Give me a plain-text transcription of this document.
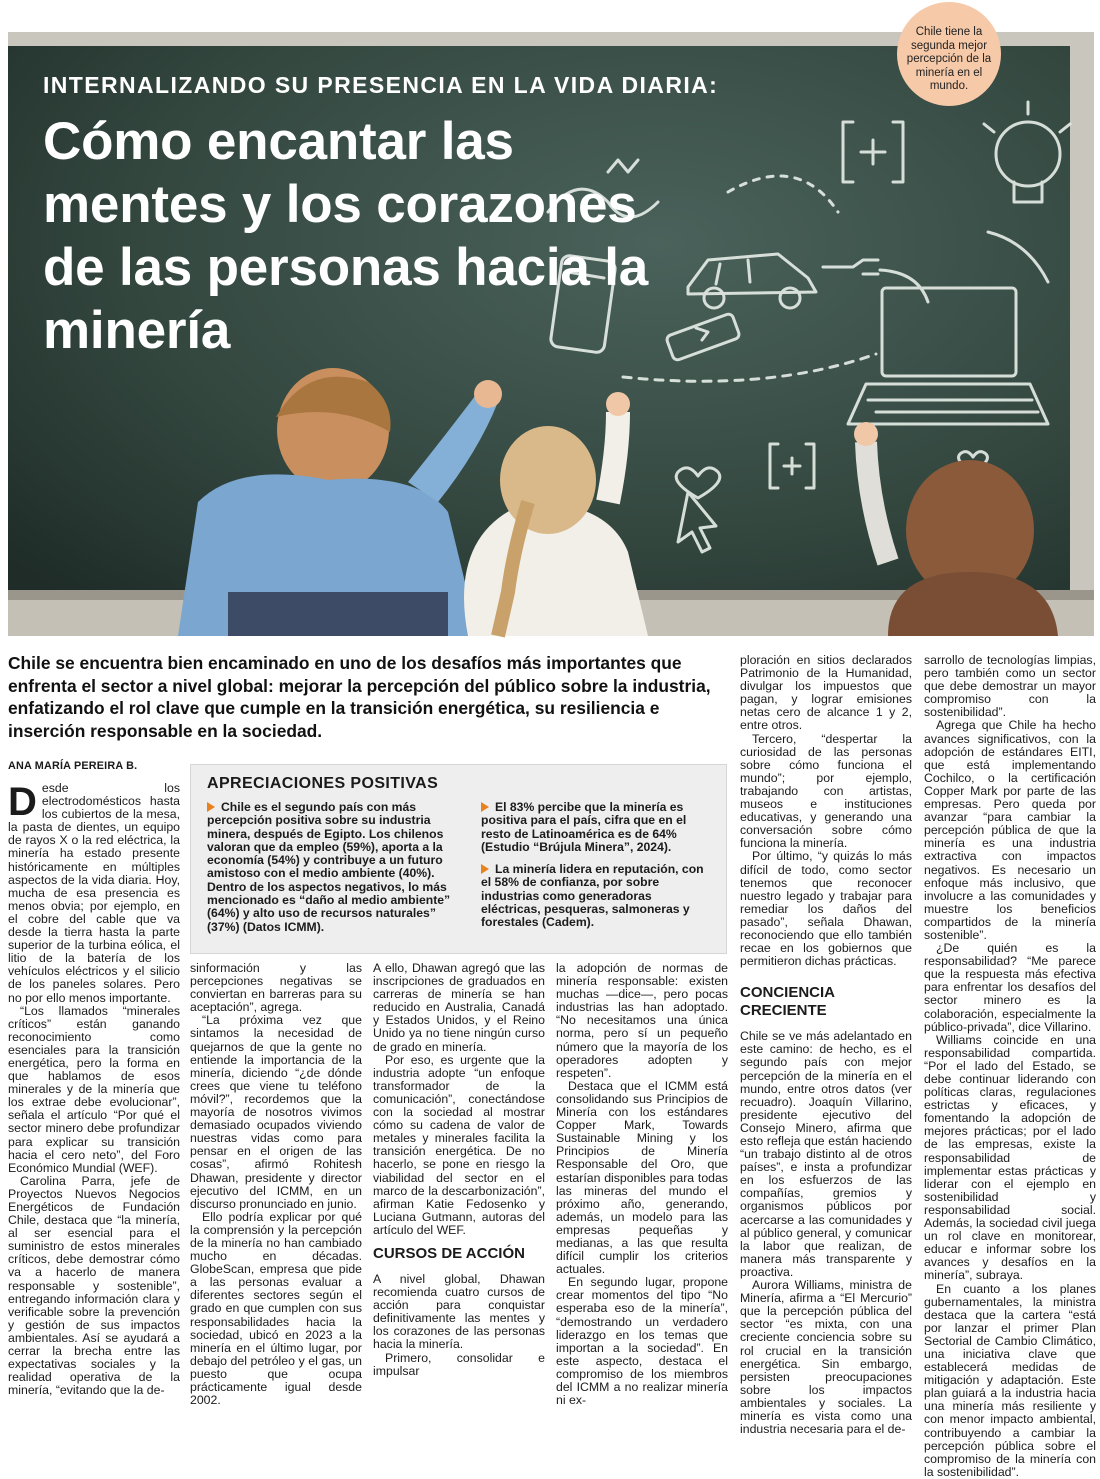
INTERNALIZANDO SU PRESENCIA EN LA VIDA DIARIA:
Cómo encantar las mentes y los corazones de las personas hacia la minería
Chile tiene la segunda mejor percepción de la minería en el mundo.
Chile se encuentra bien encaminado en uno de los desafíos más importantes que enfrenta el sector a nivel global: mejorar la percepción del público sobre la industria, enfatizando el rol clave que cumple en la transición energética, su resiliencia e inserción responsable en la sociedad.
ANA MARÍA PEREIRA B.
APRECIACIONES POSITIVAS
Chile es el segundo país con más percepción positiva sobre su industria minera, después de Egipto. Los chilenos valoran que da empleo (59%), aporta a la economía (54%) y contribuye a un futuro amistoso con el medio ambiente (40%). Dentro de los aspectos negativos, lo más mencionado es “daño al medio ambiente” (64%) y alto uso de recursos naturales” (37%) (Datos ICMM).
El 83% percibe que la minería es positiva para el país, cifra que en el resto de Latinoamérica es de 64% (Estudio “Brújula Minera”, 2024).
La minería lidera en reputación, con el 58% de confianza, por sobre industrias como generadoras eléctricas, pesqueras, salmoneras y forestales (Cadem).

Desde los electrodomésticos hasta los cubiertos de la mesa, la pasta de dientes, un equipo de rayos X o la red eléctrica, la minería ha estado presente históricamente en múltiples aspectos de la vida diaria. Hoy, mucha de esa presencia es menos obvia; por ejemplo, en el cobre del cable que va desde la tierra hasta la parte superior de la turbina eólica, el litio de la batería de los vehículos eléctricos y el silicio de los paneles solares. Pero no por ello menos importante.

“Los llamados “minerales críticos” están ganando reconocimiento como esenciales para la transición energética, pero la forma en que hablamos de esos minerales y de la minería que los extrae debe evolucionar”, señala el artículo “Por qué el sector minero debe profundizar para explicar su transición hacia el cero neto”, del Foro Económico Mundial (WEF).

Carolina Parra, jefe de Proyectos Nuevos Negocios Energéticos de Fundación Chile, destaca que “la minería, al ser esencial para el suministro de estos minerales críticos, debe demostrar cómo va a hacerlo de manera responsable y sostenible”, entregando información clara y verificable sobre la prevención y gestión de sus impactos ambientales. Así se ayudará a cerrar la brecha entre las expectativas sociales y la realidad operativa de la minería, “evitando que la de-

sinformación y las percepciones negativas se conviertan en barreras para su aceptación”, agrega.

“La próxima vez que sintamos la necesidad de quejarnos de que la gente no entiende la importancia de la minería, diciendo “¿de dónde crees que viene tu teléfono móvil?”, recordemos que la mayoría de nosotros vivimos demasiado ocupados viviendo nuestras vidas como para pensar en el origen de las cosas”, afirmó Rohitesh Dhawan, presidente y director ejecutivo del ICMM, en un discurso pronunciado en junio.

Ello podría explicar por qué la comprensión y la percepción de la minería no han cambiado mucho en décadas. GlobeScan, empresa que pide a las personas evaluar a diferentes sectores según el grado en que cumplen con sus responsabilidades hacia la sociedad, ubicó en 2023 a la minería en el último lugar, por debajo del petróleo y el gas, un puesto que ocupa prácticamente igual desde 2002.

A ello, Dhawan agregó que las inscripciones de graduados en carreras de minería se han reducido en Australia, Canadá y Estados Unidos, y el Reino Unido ya no tiene ningún curso de grado en minería.

Por eso, es urgente que la industria adopte “un enfoque transformador de la comunicación”, conectándose con la sociedad al mostrar cómo su cadena de valor de metales y minerales facilita la transición energética. De no hacerlo, se pone en riesgo la viabilidad del sector en el marco de la descarbonización”, afirman Katie Fedosenko y Luciana Gutmann, autoras del artículo del WEF.

CURSOS DE ACCIÓN

A nivel global, Dhawan recomienda cuatro cursos de acción para conquistar definitivamente las mentes y los corazones de las personas hacia la minería.

Primero, consolidar e impulsar

la adopción de normas de minería responsable: existen muchas —dice—, pero pocas industrias las han adoptado. “No necesitamos una única norma, pero sí un pequeño número que la mayoría de los operadores adopten y respeten”.

Destaca que el ICMM está consolidando sus Principios de Minería con los estándares Copper Mark, Towards Sustainable Mining y los Principios de Minería Responsable del Oro, que estarían disponibles para todas las mineras del mundo el próximo año, generando, además, un modelo para las empresas pequeñas y medianas, a las que resulta difícil cumplir los criterios actuales.

En segundo lugar, propone crear momentos del tipo “No esperaba eso de la minería”, “demostrando un verdadero liderazgo en los temas que importan a la sociedad”. En este aspecto, destaca el compromiso de los miembros del ICMM a no realizar minería ni ex-

ploración en sitios declarados Patrimonio de la Humanidad, divulgar los impuestos que pagan, y lograr emisiones netas cero de alcance 1 y 2, entre otros.

Tercero, “despertar la curiosidad de las personas sobre cómo funciona el mundo”; por ejemplo, trabajando con artistas, museos e instituciones educativas, y generando una conversación sobre cómo funciona la minería.

Por último, “y quizás lo más difícil de todo, como sector tenemos que reconocer nuestro legado y trabajar para remediar los daños del pasado”, señala Dhawan, reconociendo que ello también recae en los gobiernos que permitieron dichas prácticas.

CONCIENCIA CRECIENTE

Chile se ve más adelantado en este camino: de hecho, es el segundo país con mejor percepción de la minería en el mundo, entre otros datos (ver recuadro). Joaquín Villarino, presidente ejecutivo del Consejo Minero, afirma que esto refleja que están haciendo “un trabajo distinto al de otros países”, e insta a profundizar en los esfuerzos de las compañías, gremios y organismos públicos por acercarse a las comunidades y al público general, y comunicar la labor que realizan, de manera más transparente y proactiva.

Aurora Williams, ministra de Minería, afirma a “El Mercurio” que la percepción pública del sector “es mixta, con una creciente conciencia sobre su rol crucial en la transición energética. Sin embargo, persisten preocupaciones sobre los impactos ambientales y sociales. La minería es vista como una industria necesaria para el de-

sarrollo de tecnologías limpias, pero también como un sector que debe demostrar un mayor compromiso con la sostenibilidad”.

Agrega que Chile ha hecho avances significativos, con la adopción de estándares EITI, que está implementando Cochilco, o la certificación Copper Mark por parte de las empresas. Pero queda por avanzar “para cambiar la percepción pública de que la minería es una industria extractiva con impactos negativos. Es necesario un enfoque más inclusivo, que involucre a las comunidades y muestre los beneficios compartidos de la minería sostenible”.

¿De quién es la responsabilidad? “Me parece que la respuesta más efectiva para enfrentar los desafíos del sector minero es la colaboración, especialmente la público-privada”, dice Villarino.

Williams coincide en una responsabilidad compartida. “Por el lado del Estado, se debe continuar liderando con políticas claras, regulaciones estrictas y eficaces, y fomentando la adopción de mejores prácticas; por el lado de las empresas, existe la responsabilidad de implementar estas prácticas y liderar con el ejemplo en sostenibilidad y responsabilidad social. Además, la sociedad civil juega un rol clave en monitorear, educar e informar sobre los avances y desafíos en la minería”, subraya.

En cuanto a los planes gubernamentales, la ministra destaca que la cartera “está por lanzar el primer Plan Sectorial de Cambio Climático, una iniciativa clave que establecerá medidas de mitigación y adaptación. Este plan guiará a la industria hacia una minería más resiliente y con menor impacto ambiental, contribuyendo a cambiar la percepción pública sobre el compromiso de la minería con la sostenibilidad”.
